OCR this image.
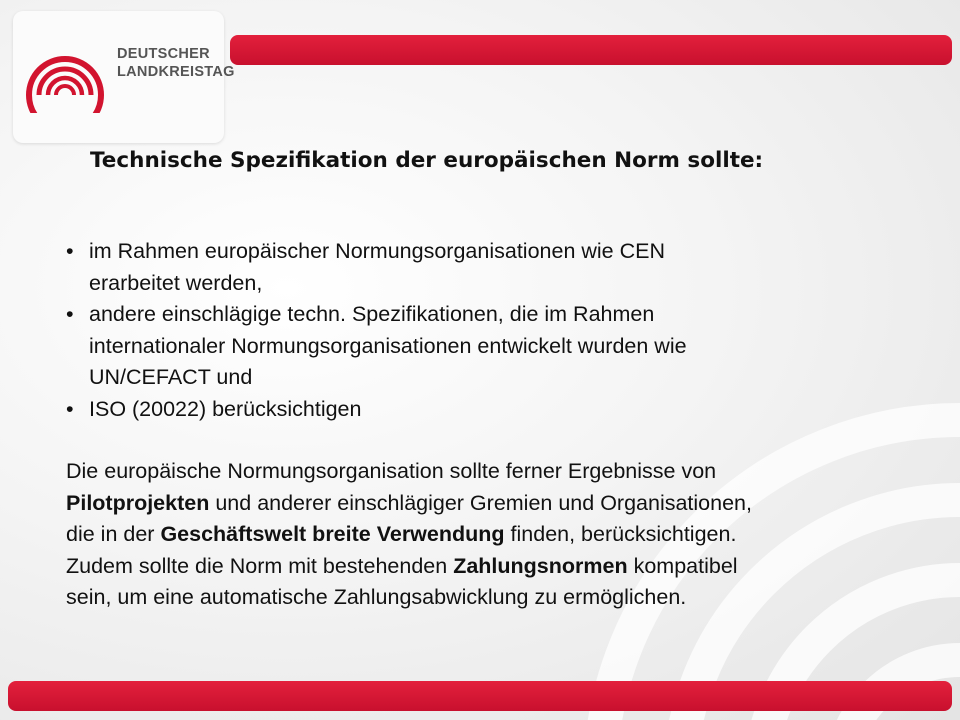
DEUTSCHER
LANDKREISTAG
Technische Spezifikation der europäischen Norm sollte:
• im Rahmen europäischer Normungsorganisationen wie CEN
erarbeitet werden,
• andere einschlägige techn. Spezifikationen, die im Rahmen
internationaler Normungsorganisationen entwickelt wurden wie
UN/CEFACT und
• ISO (20022) berücksichtigen
Die europäische Normungsorganisation sollte ferner Ergebnisse von
Pilotprojekten und anderer einschlägiger Gremien und Organisationen,
die in der Geschäftswelt breite Verwendung finden, berücksichtigen.
Zudem sollte die Norm mit bestehenden Zahlungsnormen kompatibel
sein, um eine automatische Zahlungsabwicklung zu ermöglichen.
